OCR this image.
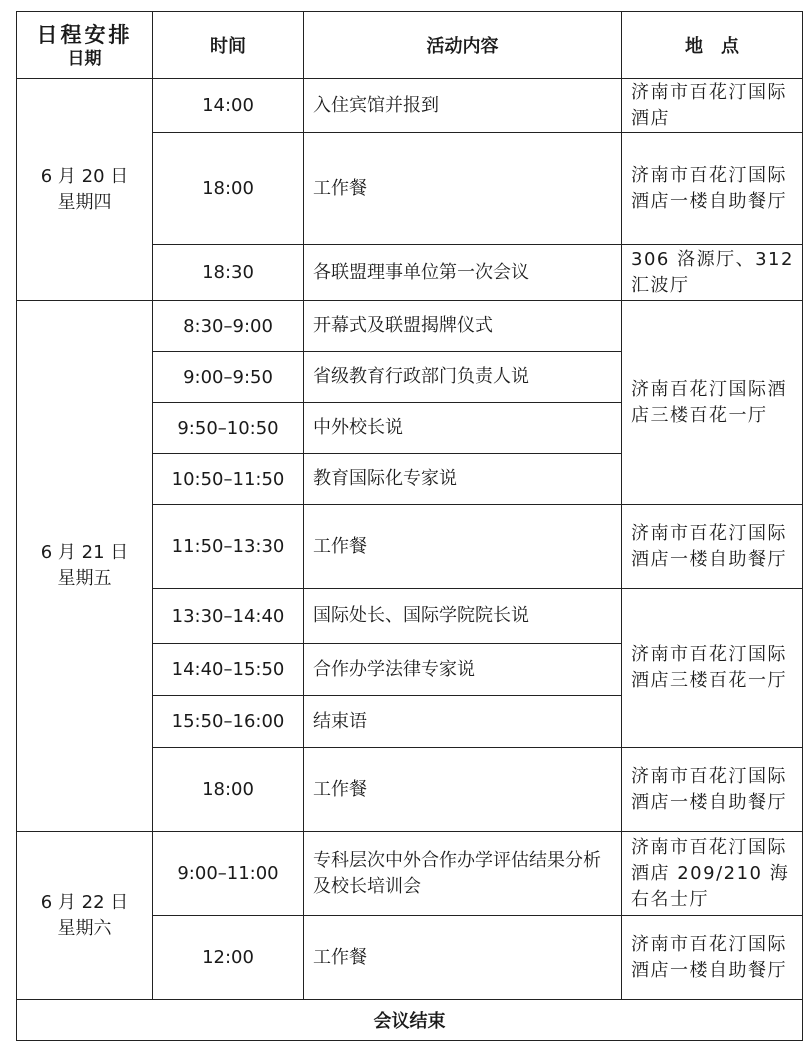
日程安排
日期	时间	活动内容	地　点

6 月 20 日
星期四	14:00	入住宾馆并报到	济南市百花汀国际酒店
	18:00	工作餐	济南市百花汀国际酒店一楼自助餐厅
	18:30	各联盟理事单位第一次会议	306 洛源厅、312 汇波厅

6 月 21 日
星期五	8:30–9:00	开幕式及联盟揭牌仪式	济南百花汀国际酒店三楼百花一厅
	9:00–9:50	省级教育行政部门负责人说	
	9:50–10:50	中外校长说	
	10:50–11:50	教育国际化专家说	
	11:50–13:30	工作餐	济南市百花汀国际酒店一楼自助餐厅
	13:30–14:40	国际处长、国际学院院长说	济南市百花汀国际酒店三楼百花一厅
	14:40–15:50	合作办学法律专家说	
	15:50–16:00	结束语	
	18:00	工作餐	济南市百花汀国际酒店一楼自助餐厅

6 月 22 日
星期六	9:00–11:00	专科层次中外合作办学评估结果分析及校长培训会	济南市百花汀国际酒店 209/210 海右名士厅
	12:00	工作餐	济南市百花汀国际酒店一楼自助餐厅
会议结束			
